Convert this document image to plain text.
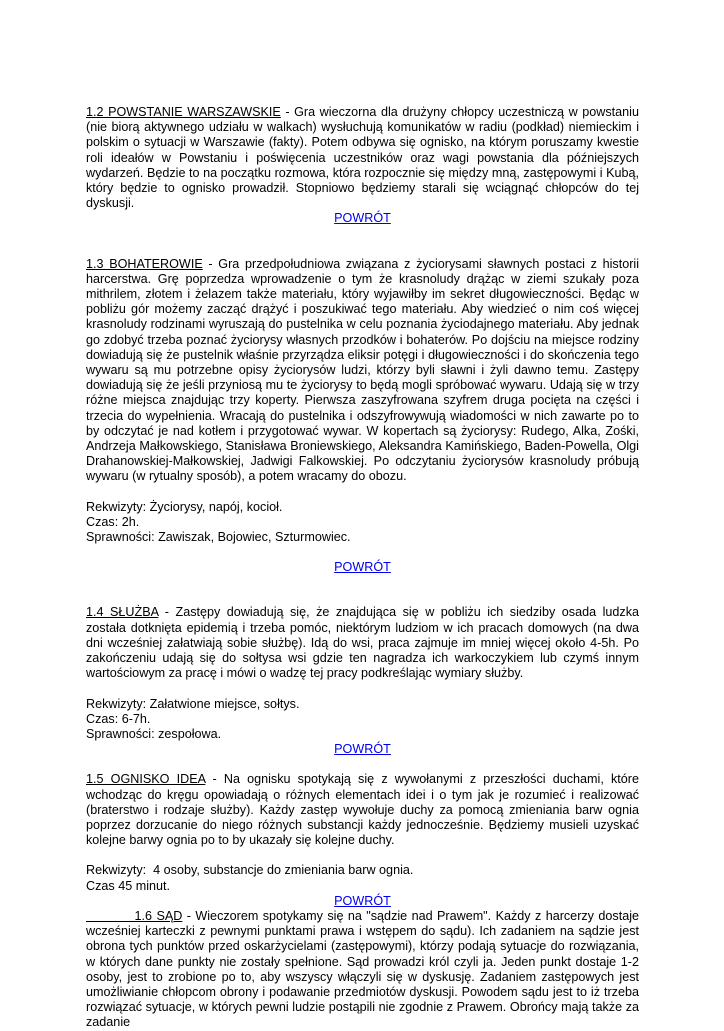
1.2 POWSTANIE WARSZAWSKIE - Gra wieczorna dla drużyny chłopcy uczestniczą w powstaniu (nie biorą aktywnego udziału w walkach) wysłuchują komunikatów w radiu (podkład) niemieckim i polskim o sytuacji w Warszawie (fakty). Potem odbywa się ognisko, na którym poruszamy kwestie roli ideałów w Powstaniu i poświęcenia uczestników oraz wagi powstania dla późniejszych wydarzeń. Będzie to na początku rozmowa, która rozpocznie się między mną, zastępowymi i Kubą, który będzie to ognisko prowadził. Stopniowo będziemy starali się wciągnąć chłopców do tej dyskusji.

POWRÓT

1.3 BOHATEROWIE - Gra przedpołudniowa związana z życiorysami sławnych postaci z historii harcerstwa. Grę poprzedza wprowadzenie o tym że krasnoludy drążąc w ziemi szukały poza mithrilem, złotem i żelazem także materiału, który wyjawiłby im sekret długowieczności. Będąc w pobliżu gór możemy zacząć drążyć i poszukiwać tego materiału. Aby wiedzieć o nim coś więcej krasnoludy rodzinami wyruszają do pustelnika w celu poznania życiodajnego materiału. Aby jednak go zdobyć trzeba poznać życiorysy własnych przodków i bohaterów. Po dojściu na miejsce rodziny dowiadują się że pustelnik właśnie przyrządza eliksir potęgi i długowieczności i do skończenia tego wywaru są mu potrzebne opisy życiorysów ludzi, którzy byli sławni i żyli dawno temu. Zastępy dowiadują się że jeśli przyniosą mu te życiorysy to będą mogli spróbować wywaru. Udają się w trzy różne miejsca znajdując trzy koperty. Pierwsza zaszyfrowana szyfrem druga pocięta na części i trzecia do wypełnienia. Wracają do pustelnika i odszyfrowywują wiadomości w nich zawarte po to by odczytać je nad kotłem i przygotować wywar. W kopertach są życiorysy: Rudego, Alka, Zośki, Andrzeja Małkowskiego, Stanisława Broniewskiego, Aleksandra Kamińskiego, Baden-Powella, Olgi Drahanowskiej-Małkowskiej, Jadwigi Falkowskiej. Po odczytaniu życiorysów krasnoludy próbują wywaru (w rytualny sposób), a potem wracamy do obozu.

Rekwizyty: Życiorysy, napój, kocioł.
Czas: 2h.
Sprawności: Zawiszak, Bojowiec, Szturmowiec.
POWRÓT

1.4 SŁUŻBA - Zastępy dowiadują się, że znajdująca się w pobliżu ich siedziby osada ludzka została dotknięta epidemią i trzeba pomóc, niektórym ludziom w ich pracach domowych (na dwa dni wcześniej załatwiają sobie służbę). Idą do wsi, praca zajmuje im mniej więcej około 4-5h. Po zakończeniu udają się do sołtysa wsi gdzie ten nagradza ich warkoczykiem lub czymś innym wartościowym za pracę i mówi o wadzę tej pracy podkreślając wymiary służby.

Rekwizyty: Załatwione miejsce, sołtys.
Czas: 6-7h.
Sprawności: zespołowa.
POWRÓT

1.5 OGNISKO IDEA - Na ognisku spotykają się z wywołanymi z przeszłości duchami, które wchodząc do kręgu opowiadają o różnych elementach idei i o tym jak je rozumieć i realizować (braterstwo i rodzaje służby). Każdy zastęp wywołuje duchy za pomocą zmieniania barw ognia poprzez dorzucanie do niego różnych substancji każdy jednocześnie. Będziemy musieli uzyskać kolejne barwy ognia po to by ukazały się kolejne duchy.

Rekwizyty:  4 osoby, substancje do zmieniania barw ognia.
Czas 45 minut.
POWRÓT

1.6 SĄD - Wieczorem spotykamy się na "sądzie nad Prawem". Każdy z harcerzy dostaje wcześniej karteczki z pewnymi punktami prawa i wstępem do sądu). Ich zadaniem na sądzie jest obrona tych punktów przed oskarżycielami (zastępowymi), którzy podają sytuacje do rozwiązania, w których dane punkty nie zostały spełnione. Sąd prowadzi król czyli ja. Jeden punkt dostaje 1-2 osoby, jest to zrobione po to, aby wszyscy włączyli się w dyskusję. Zadaniem zastępowych jest umożliwianie chłopcom obrony i podawanie przedmiotów dyskusji. Powodem sądu jest to iż trzeba rozwiązać sytuacje, w których pewni ludzie postąpili nie zgodnie z Prawem. Obrońcy mają także za zadanie
